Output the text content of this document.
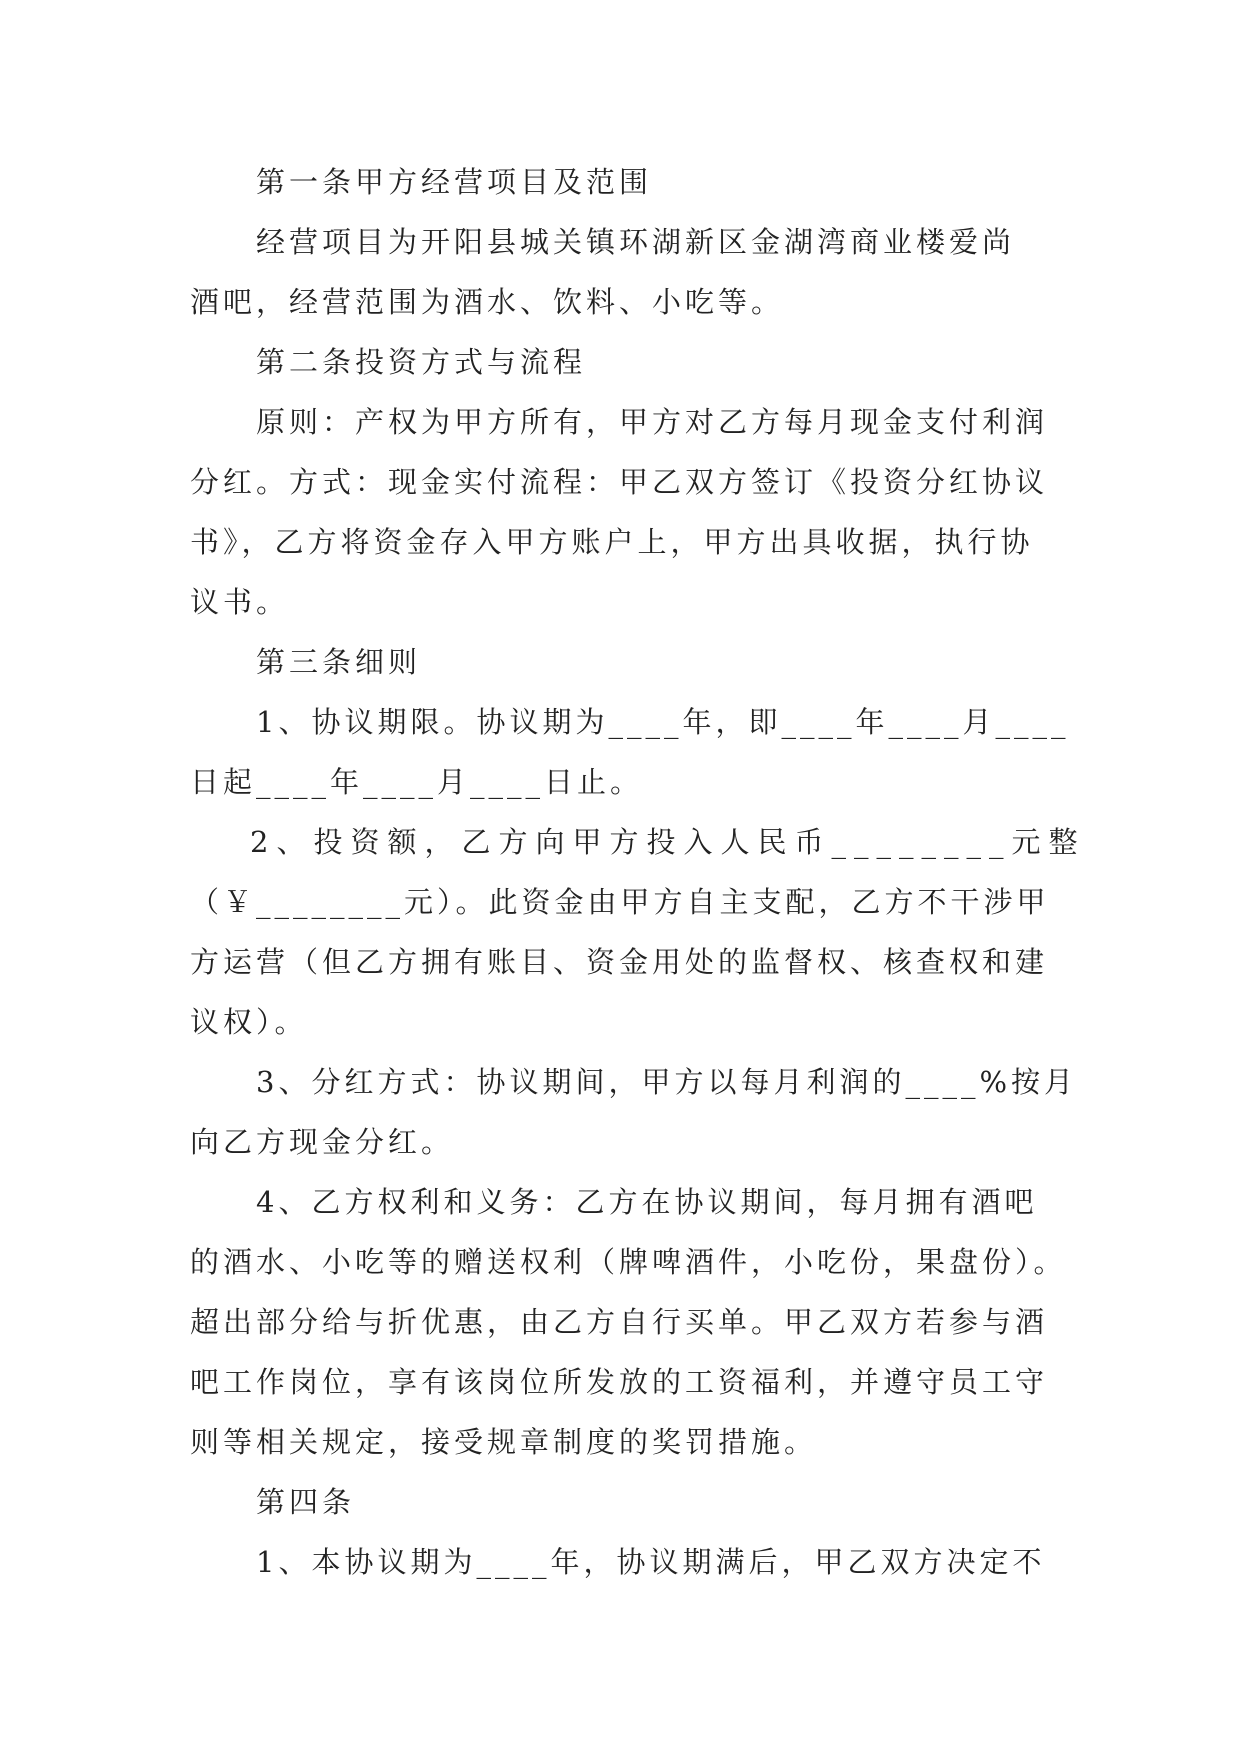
第一条甲方经营项目及范围
经营项目为开阳县城关镇环湖新区金湖湾商业楼爱尚
酒吧，经营范围为酒水、饮料、小吃等。
第二条投资方式与流程
原则：产权为甲方所有，甲方对乙方每月现金支付利润
分红。方式：现金实付流程：甲乙双方签订《投资分红协议
书》，乙方将资金存入甲方账户上，甲方出具收据，执行协
议书。
第三条细则
1、协议期限。协议期为____年，即____年____月____
日起____年____月____日止。
2、投资额，乙方向甲方投入人民币________元整
（￥________元）。此资金由甲方自主支配，乙方不干涉甲
方运营（但乙方拥有账目、资金用处的监督权、核查权和建
议权）。
3、分红方式：协议期间，甲方以每月利润的____%按月
向乙方现金分红。
4、乙方权利和义务：乙方在协议期间，每月拥有酒吧
的酒水、小吃等的赠送权利（牌啤酒件，小吃份，果盘份）。
超出部分给与折优惠，由乙方自行买单。甲乙双方若参与酒
吧工作岗位，享有该岗位所发放的工资福利，并遵守员工守
则等相关规定，接受规章制度的奖罚措施。
第四条
1、本协议期为____年，协议期满后，甲乙双方决定不
